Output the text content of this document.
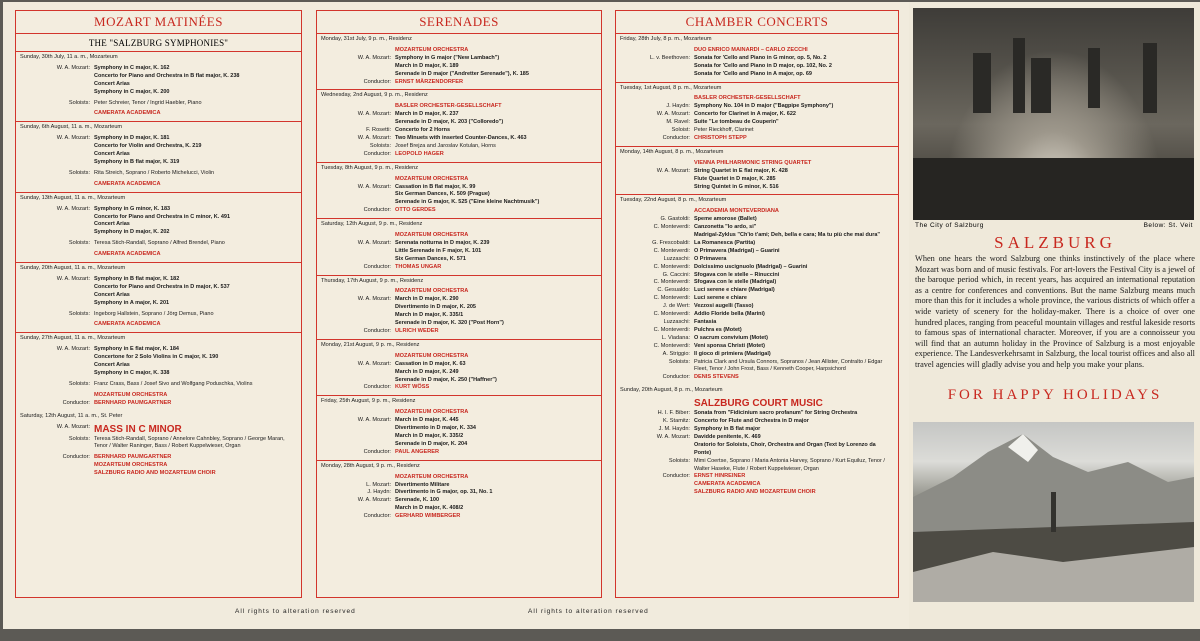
MOZART MATINÉES
THE "SALZBURG SYMPHONIES"
Sunday, 30th July, 11 a. m., Mozarteum
W. A. Mozart: Symphony in C major, K. 162
Concerto for Piano and Orchestra in B flat major, K. 238
Concert Arias
Symphony in C major, K. 200
Soloists: Peter Schreier, Tenor / Ingrid Haebler, Piano
CAMERATA ACADEMICA
Sunday, 6th August, 11 a. m., Mozarteum
W. A. Mozart: Symphony in D major, K. 181
Concerto for Violin and Orchestra, K. 219
Concert Arias
Symphony in B flat major, K. 319
Soloists: Rita Streich, Soprano / Roberto Michelucci, Violin
CAMERATA ACADEMICA
Sunday, 13th August, 11 a. m., Mozarteum
W. A. Mozart: Symphony in G minor, K. 183
Concerto for Piano and Orchestra in C minor, K. 491
Concert Arias
Symphony in D major, K. 202
Soloists: Teresa Stich-Randall, Soprano / Alfred Brendel, Piano
CAMERATA ACADEMICA
Sunday, 20th August, 11 a. m., Mozarteum
W. A. Mozart: Symphony in B flat major, K. 182
Concerto for Piano and Orchestra in D major, K. 537
Concert Arias
Symphony in A major, K. 201
Soloists: Ingeborg Hallstein, Soprano / Jörg Demus, Piano
CAMERATA ACADEMICA
Sunday, 27th August, 11 a. m., Mozarteum
W. A. Mozart: Symphony in E flat major, K. 184
Concertone for 2 Solo Violins in C major, K. 190
Concert Arias
Symphony in C major, K. 338
Soloists: Franz Crass, Bass / Josef Sivo and Wolfgang Poduschka, Violins
MOZARTEUM ORCHESTRA
Conductor: BERNHARD PAUMGARTNER
Saturday, 12th August, 11 a. m., St. Peter
W. A. Mozart: MASS IN C MINOR
Soloists: Teresa Stich-Randall, Soprano / Annelore Cahnbley, Soprano / George Maran, Tenor / Walter Raninger, Bass / Robert Kuppelwieser, Organ
Conductor: BERNHARD PAUMGARTNER
MOZARTEUM ORCHESTRA
SALZBURG RADIO AND MOZARTEUM CHOIR
SERENADES
Monday, 31st July, 9 p. m., Residenz
MOZARTEUM ORCHESTRA
W. A. Mozart: Symphony in G major ("New Lambach")
March in D major, K. 189
Serenade in D major ("Andretter Serenade"), K. 185
Conductor: ERNST MÄRZENDORFER
Wednesday, 2nd August, 9 p. m., Residenz
BASLER ORCHESTER-GESELLSCHAFT
W. A. Mozart: March in D major, K. 237
Serenade in D major, K. 203 ("Colloredo")
F. Rosetti: Concerto for 2 Horns
W. A. Mozart: Two Minuets with inserted Counter-Dances, K. 463
Soloists: Josef Brejza and Jaroslav Kotulan, Horns
Conductor: LEOPOLD HAGER
Tuesday, 8th August, 9 p. m., Residenz
MOZARTEUM ORCHESTRA
W. A. Mozart: Cassation in B flat major, K. 99
Six German Dances, K. 509 (Prague)
Serenade in G major, K. 525 ("Eine kleine Nachtmusik")
Conductor: OTTO GERDES
Saturday, 12th August, 9 p. m., Residenz
MOZARTEUM ORCHESTRA
W. A. Mozart: Serenata notturna in D major, K. 239
Little Serenade in F major, K. 101
Six German Dances, K. 571
Conductor: THOMAS UNGAR
Thursday, 17th August, 9 p. m., Residenz
MOZARTEUM ORCHESTRA
W. A. Mozart: March in D major, K. 290
Divertimento in D major, K. 205
March in D major, K. 335/1
Serenade in D major, K. 320 ("Post Horn")
Conductor: ULRICH WEDER
Monday, 21st August, 9 p. m., Residenz
MOZARTEUM ORCHESTRA
W. A. Mozart: Cassation in D major, K. 63
March in D major, K. 249
Serenade in D major, K. 250 ("Haffner")
Conductor: KURT WÖSS
Friday, 25th August, 9 p. m., Residenz
MOZARTEUM ORCHESTRA
W. A. Mozart: March in D major, K. 445
Divertimento in D major, K. 334
March in D major, K. 335/2
Serenade in D major, K. 204
Conductor: PAUL ANGERER
Monday, 28th August, 9 p. m., Residenz
MOZARTEUM ORCHESTRA
L. Mozart: Divertimento Militare
J. Haydn: Divertimento in G major, op. 31, No. 1
W. A. Mozart: Serenade, K. 100
March in D major, K. 408/2
Conductor: GERHARD WIMBERGER
CHAMBER CONCERTS
Friday, 28th July, 8 p. m., Mozarteum
DUO ENRICO MAINARDI – CARLO ZECCHI
L. v. Beethoven: Sonata for 'Cello and Piano in G minor, op. 5, No. 2
Sonata for 'Cello and Piano in D major, op. 102, No. 2
Sonata for 'Cello and Piano in A major, op. 69
Tuesday, 1st August, 8 p. m., Mozarteum
BASLER ORCHESTER-GESELLSCHAFT
J. Haydn: Symphony No. 104 in D major ("Bagpipe Symphony")
W. A. Mozart: Concerto for Clarinet in A major, K. 622
M. Ravel: Suite "Le tombeau de Couperin"
Soloist: Peter Rieckhoff, Clarinet
Conductor: CHRISTOPH STEPP
Monday, 14th August, 8 p. m., Mozarteum
VIENNA PHILHARMONIC STRING QUARTET
W. A. Mozart: String Quartet in E flat major, K. 428
Flute Quartet in D major, K. 285
String Quintet in G minor, K. 516
Tuesday, 22nd August, 8 p. m., Mozarteum
ACCADEMIA MONTEVERDIANA
G. Gastoldi: Speme amorose (Ballet)
C. Monteverdi: Canzonetta "Io ardo, si"
Madrigal-Zyklus "Ch'io t'ami; Deh, bella e cara; Ma tu più che mai dura"
G. Frescobaldi: La Romanesca (Partita)
C. Monteverdi: O Primavera (Madrigal) – Guarini
Luzzaschi: O Primavera
C. Monteverdi: Dolcissimo uscignuolo (Madrigal) – Guarini
G. Caccini: Sfogava con le stelle – Rinuccini
C. Monteverdi: Sfogava con le stelle (Madrigal)
C. Gesualdo: Luci serene e chiare (Madrigal)
C. Monteverdi: Luci serene e chiare
J. de Wert: Vezzosi augelli (Tasso)
C. Monteverdi: Addio Floride bella (Marini)
Luzzaschi: Fantasia
C. Monteverdi: Pulchra es (Motet)
L. Viadana: O sacrum convivium (Motet)
C. Monteverdi: Veni sponsa Christi (Motet)
A. Striggio: Il gioco di primiera (Madrigal)
Soloists: Patricia Clark and Ursula Connors, Sopranos / Jean Allister, Contralto / Edgar Fleet, Tenor / John Frost, Bass / Kenneth Cooper, Harpsichord
Conductor: DENIS STEVENS
Sunday, 20th August, 8 p. m., Mozarteum
SALZBURG COURT MUSIC
H. I. F. Biber: Sonata from "Fidicinium sacro profanum" for String Orchestra
K. Stamitz: Concerto for Flute and Orchestra in D major
J. M. Haydn: Symphony in B flat major
W. A. Mozart: Davidde penitente, K. 469
Oratorio for Soloists, Choir, Orchestra and Organ (Text by Lorenzo da Ponte)
Soloists: Mimi Coertse, Soprano / Maria Antonia Harvey, Soprano / Kurt Equiluz, Tenor / Walter Haseke, Flute / Robert Kuppelwieser, Organ
Conductor: ERNST HINREINER
CAMERATA ACADEMICA
SALZBURG RADIO AND MOZARTEUM CHOIR
All rights to alteration reserved	All rights to alteration reserved
The City of Salzburg	Below: St. Veit
SALZBURG
When one hears the word Salzburg one thinks instinctively of the place where Mozart was born and of music festivals. For art-lovers the Festival City is a jewel of the baroque period which, in recent years, has acquired an international reputation as a centre for conferences and conventions. But the name Salzburg means much more than this for it includes a whole province, the various districts of which offer a wide variety of scenery for the holiday-maker. There is a choice of over one hundred places, ranging from peaceful mountain villages and restful lakeside resorts to famous spas of international character. Moreover, if you are a connoisseur you will find that an autumn holiday in the Province of Salzburg is a most enjoyable experience. The Landesverkehrsamt in Salzburg, the local tourist offices and also all travel agencies will gladly advise you and help you make your plans.
FOR HAPPY HOLIDAYS
